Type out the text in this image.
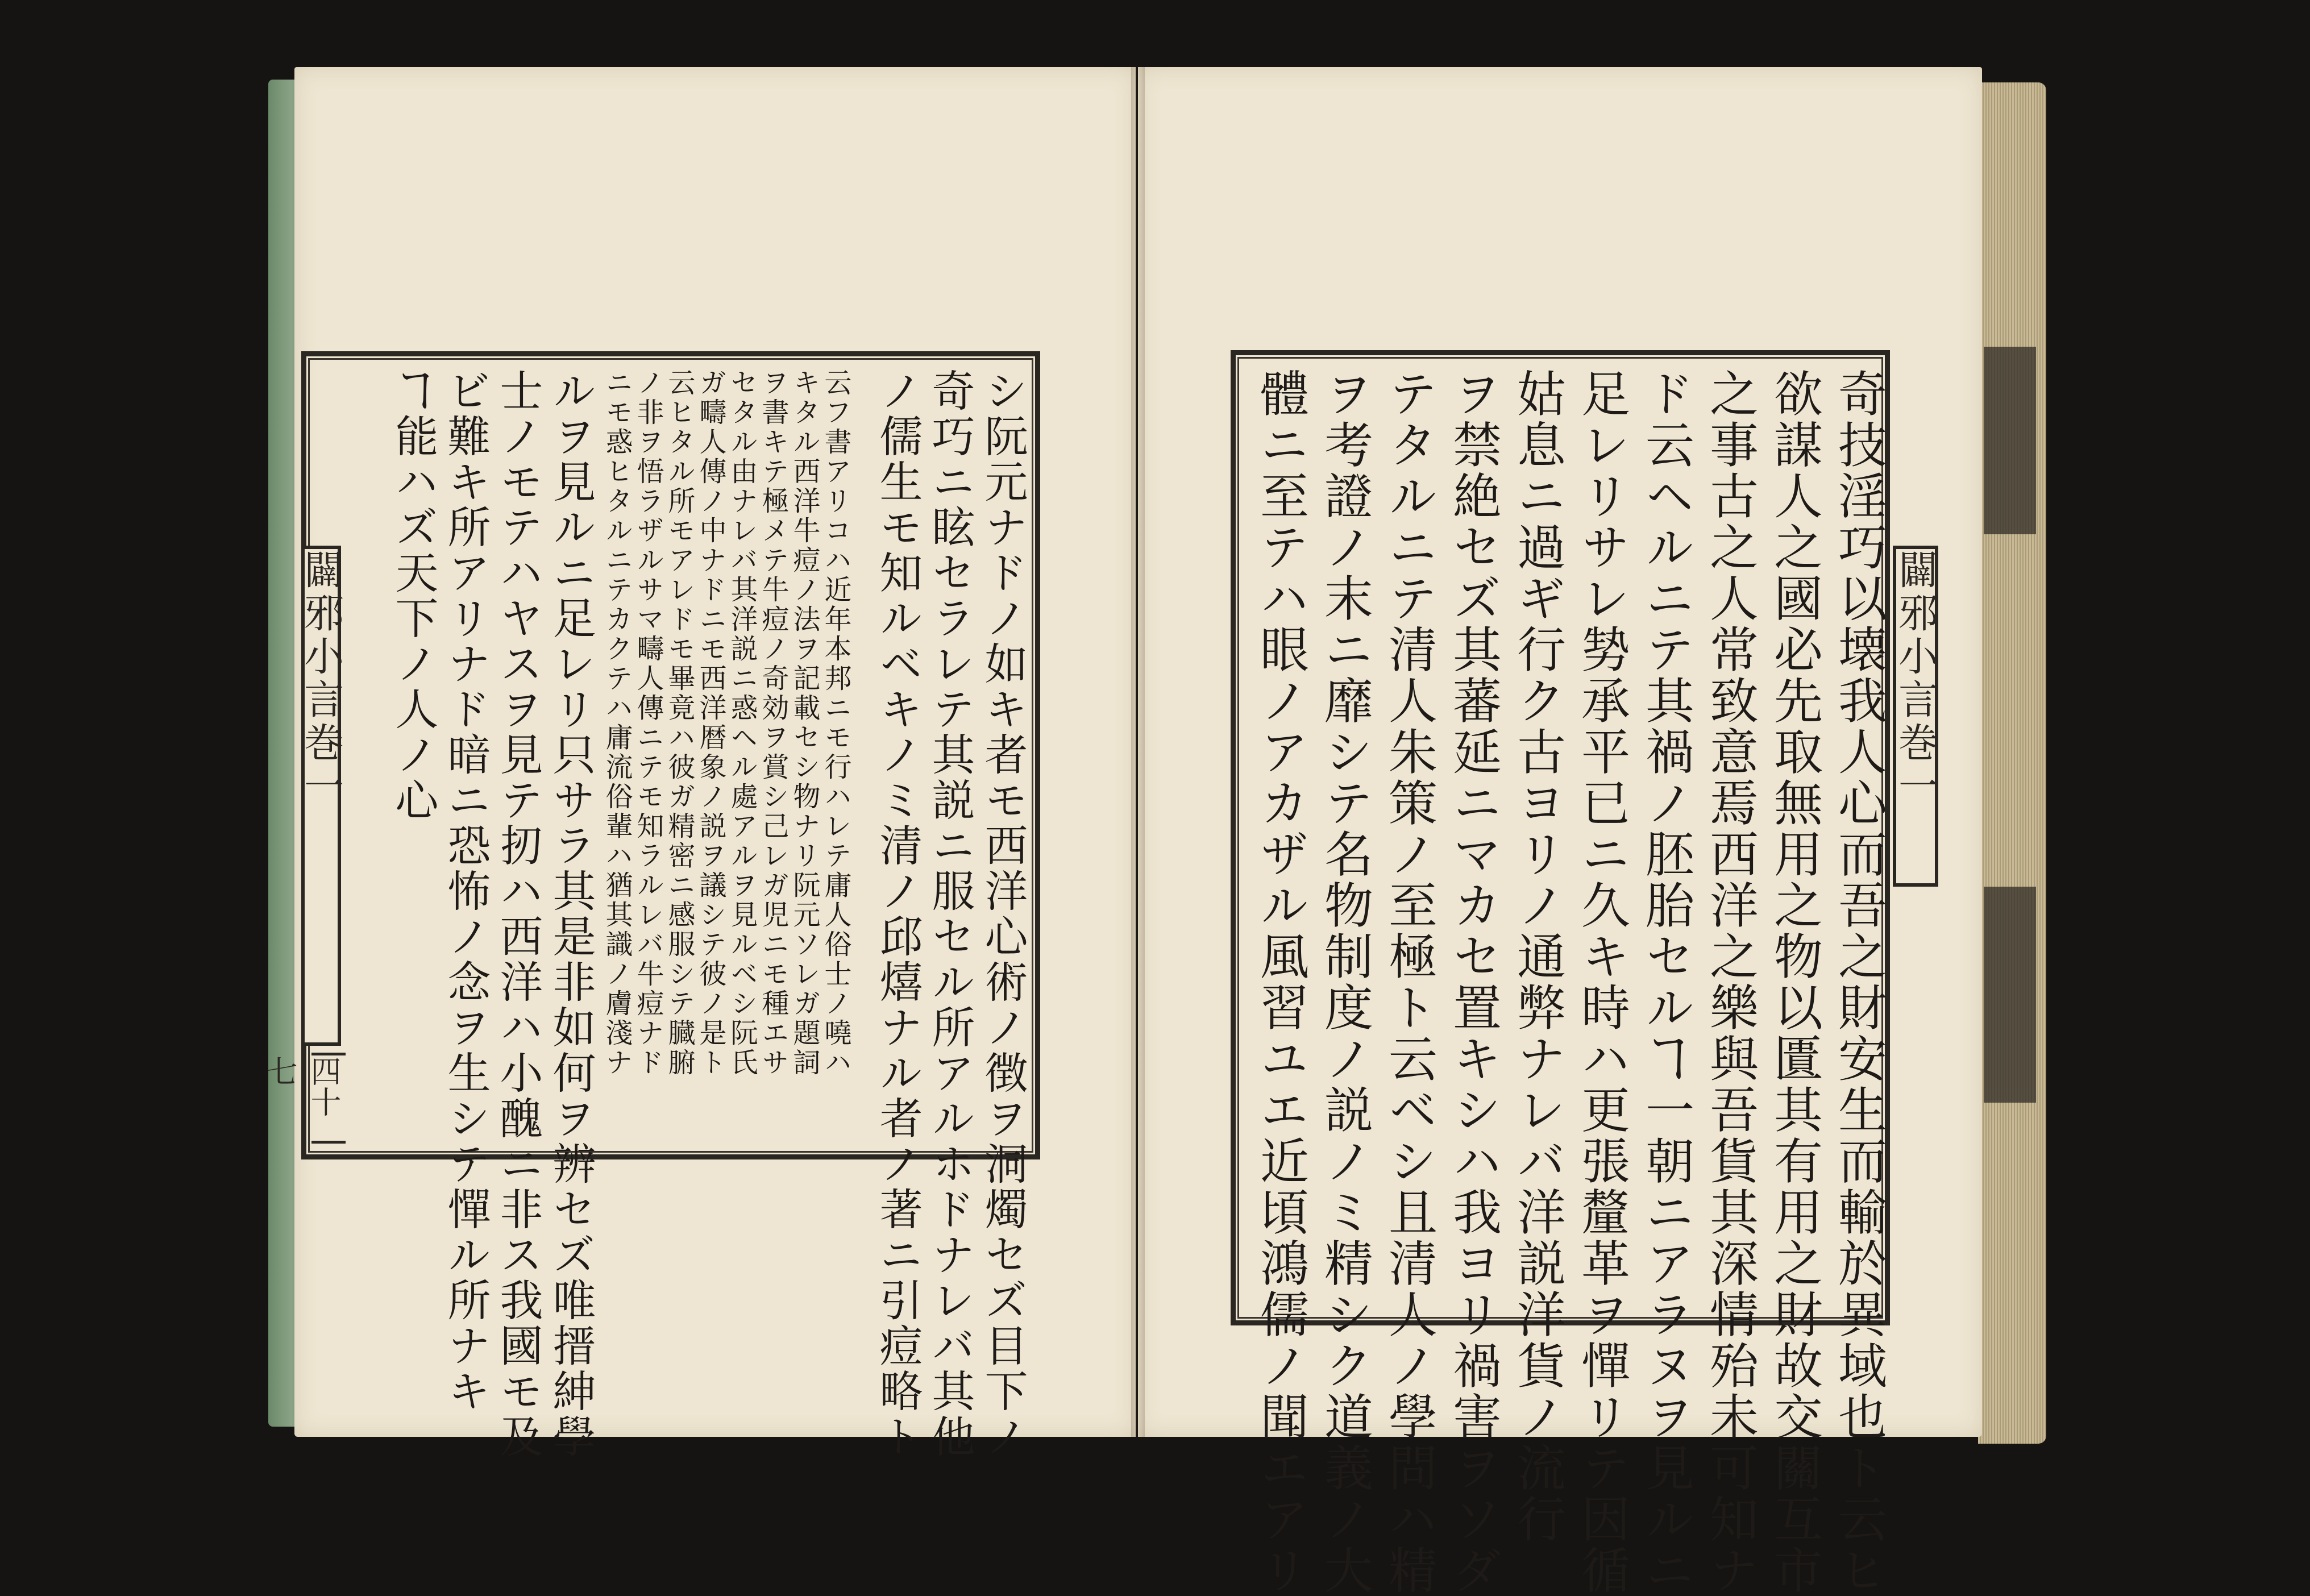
闢邪小言巻一
四十七	シ阮元ナドノ如キ者モ西洋心術ノ徴ヲ洞燭セズ目下ノ
奇巧ニ眩セラレテ其説ニ服セル所アルホドナレバ其他
ノ儒生モ知ルベキノミ清ノ邱熺ナル者ノ著ニ引痘略ト
云フ書アリコハ近年本邦ニモ行ハレテ庸人俗士ノ嘵ハ
キタル西洋牛痘ノ法ヲ記載セシ物ナリ阮元ソレガ題詞
ヲ書キテ極メテ牛痘ノ奇効ヲ賞シ己レガ児ニモ種エサ
セタル由ナレバ其洋説ニ惑ヘル處アルヲ見ルベシ阮氏
ガ疇人傳ノ中ナドニモ西洋暦象ノ説ヲ議シテ彼ノ是ト
云ヒタル所モアレドモ畢竟ハ彼ガ精密ニ感服シテ臓腑
ノ非ヲ悟ラザルサマ疇人傳ニテモ知ラルレバ牛痘ナド
ニモ惑ヒタルニテカクテハ庸流俗輩ハ猶其識ノ膚淺ナ
ルヲ見ルニ足レリ只サラ其是非如何ヲ辨セズ唯搢紳學
士ノモテハヤスヲ見テ扨ハ西洋ハ小醜ニ非ス我國モ及
ビ難キ所アリナド暗ニ恐怖ノ念ヲ生シテ憚ル所ナキ
ヿ能ハズ天下ノ人ノ心	闢邪小言巻一
奇技淫巧以壊我人心而吾之財安生而輸於異域也ト云ヒ
欲謀人之國必先取無用之物以匱其有用之財故交關互市
之事古之人常致意焉西洋之樂與吾貨其深情殆未可知ナ
ド云ヘルニテ其禍ノ胚胎セルヿ一朝ニアラヌヲ見ルニ
足レリサレ㔟承平已ニ久キ時ハ更張釐革ヲ憚リテ因循
姑息ニ過ギ行ク古ヨリノ通弊ナレバ洋説洋貨ノ流行
ヲ禁絶セズ其蕃延ニマカセ置キシハ我ヨリ禍害ヲソダ
テタルニテ清人朱策ノ至極ト云ベシ且清人ノ學問ハ精
ヲ考證ノ末ニ靡シテ名物制度ノ説ノミ精シク道義ノ大
體ニ至テハ眼ノアカザル風習ユエ近頃鴻儒ノ聞エアリ
